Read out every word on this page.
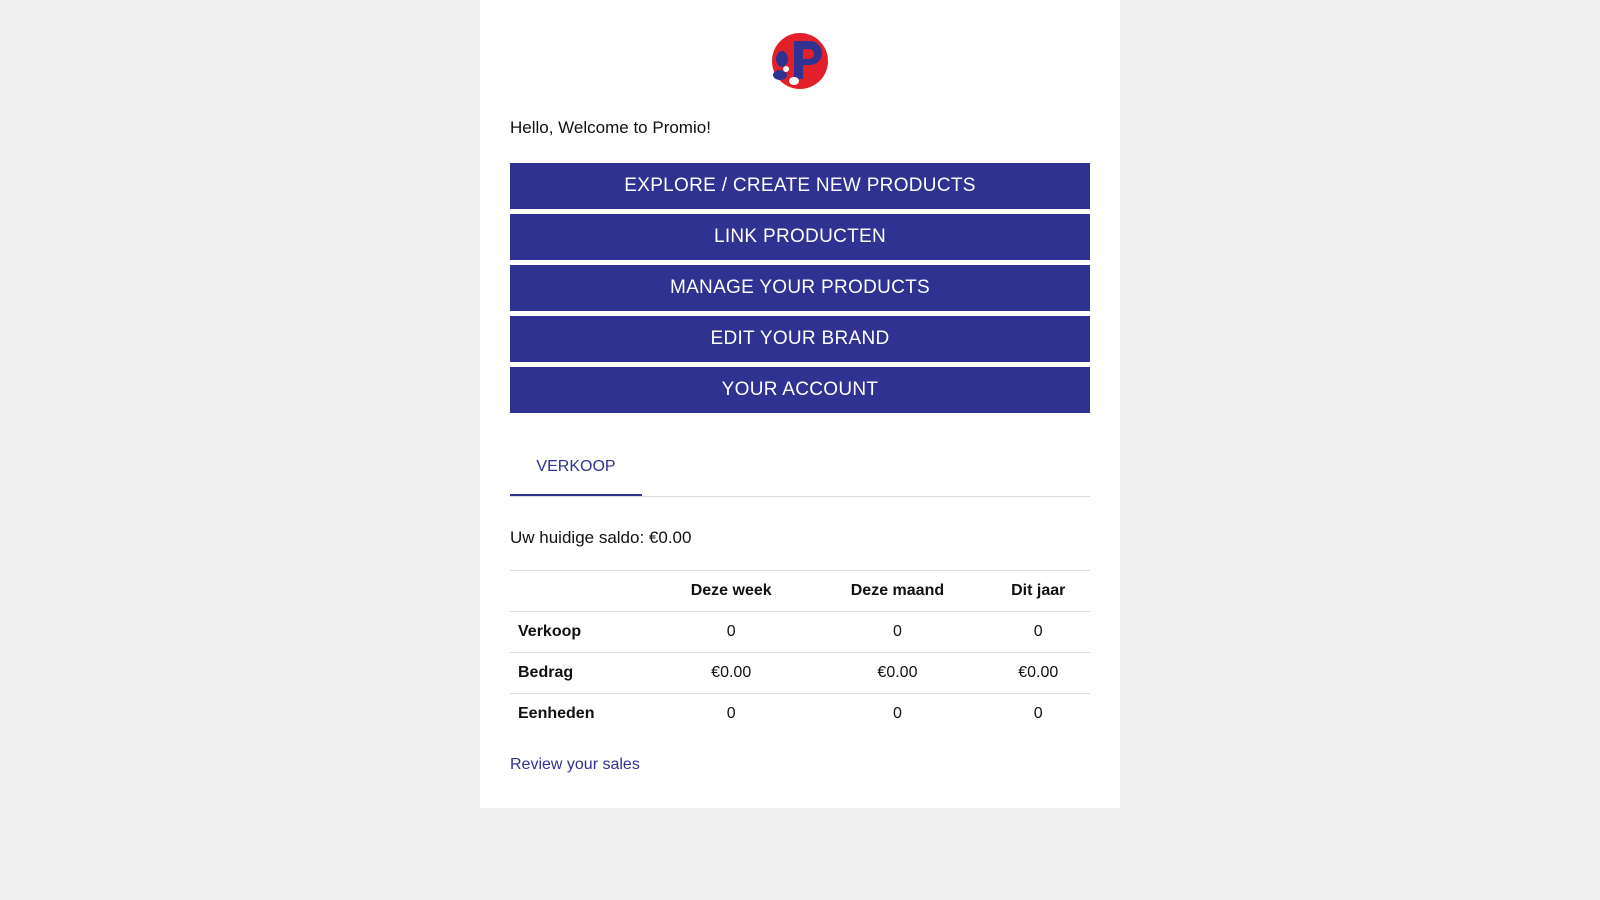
Hello, Welcome to Promio!
EXPLORE / CREATE NEW PRODUCTS
LINK PRODUCTEN
MANAGE YOUR PRODUCTS
EDIT YOUR BRAND
YOUR ACCOUNT
VERKOOP
Uw huidige saldo: €0.00
	Deze week	Deze maand	Dit jaar
Verkoop	0	0	0
Bedrag	€0.00	€0.00	€0.00
Eenheden	0	0	0
Review your sales
